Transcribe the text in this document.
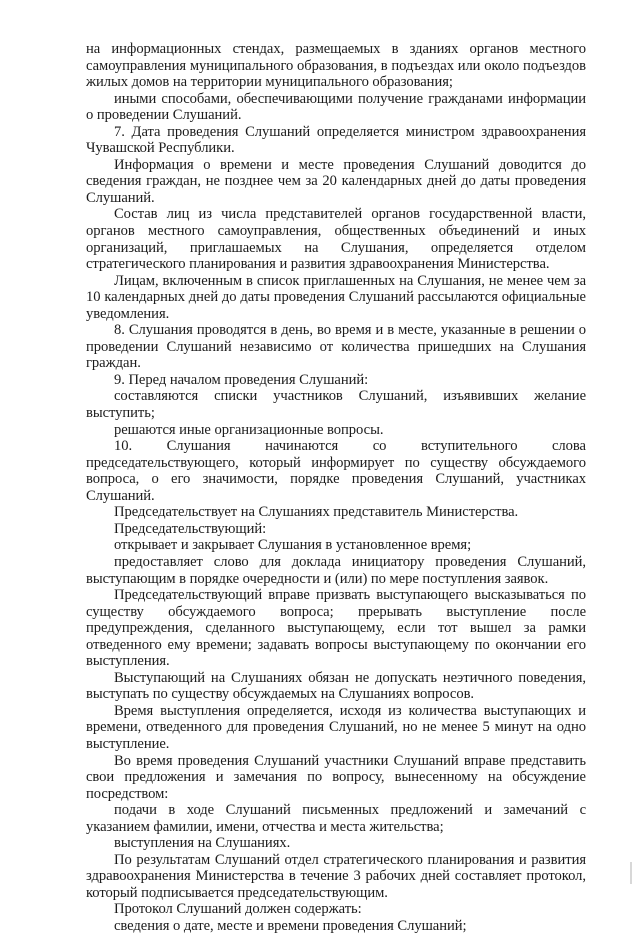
на информационных стендах, размещаемых в зданиях органов местного самоуправления муниципального образования, в подъездах или около подъездов жилых домов на территории муниципального образования;

иными способами, обеспечивающими получение гражданами информации о проведении Слушаний.

7. Дата проведения Слушаний определяется министром здравоохранения Чувашской Республики.

Информация о времени и месте проведения Слушаний доводится до сведения граждан, не позднее чем за 20 календарных дней до даты проведения Слушаний.

Состав лиц из числа представителей органов государственной власти, органов местного самоуправления, общественных объединений и иных организаций, приглашаемых на Слушания, определяется отделом стратегического планирования и развития здравоохранения Министерства.

Лицам, включенным в список приглашенных на Слушания, не менее чем за 10 календарных дней до даты проведения Слушаний рассылаются официальные уведомления.

8. Слушания проводятся в день, во время и в месте, указанные в решении о проведении Слушаний независимо от количества пришедших на Слушания граждан.

9. Перед началом проведения Слушаний:

составляются списки участников Слушаний, изъявивших желание выступить;

решаются иные организационные вопросы.

10. Слушания начинаются со вступительного слова председательствующего, который информирует по существу обсуждаемого вопроса, о его значимости, порядке проведения Слушаний, участниках Слушаний.

Председательствует на Слушаниях представитель Министерства.

Председательствующий:

открывает и закрывает Слушания в установленное время;

предоставляет слово для доклада инициатору проведения Слушаний, выступающим в порядке очередности и (или) по мере поступления заявок.

Председательствующий вправе призвать выступающего высказываться по существу обсуждаемого вопроса; прерывать выступление после предупреждения, сделанного выступающему, если тот вышел за рамки отведенного ему времени; задавать вопросы выступающему по окончании его выступления.

Выступающий на Слушаниях обязан не допускать неэтичного поведения, выступать по существу обсуждаемых на Слушаниях вопросов.

Время выступления определяется, исходя из количества выступающих и времени, отведенного для проведения Слушаний, но не менее 5 минут на одно выступление.

Во время проведения Слушаний участники Слушаний вправе представить свои предложения и замечания по вопросу, вынесенному на обсуждение посредством:

подачи в ходе Слушаний письменных предложений и замечаний с указанием фамилии, имени, отчества и места жительства;

выступления на Слушаниях.

По результатам Слушаний отдел стратегического планирования и развития здравоохранения Министерства в течение 3 рабочих дней составляет протокол, который подписывается председательствующим.

Протокол Слушаний должен содержать:

сведения о дате, месте и времени проведения Слушаний;
